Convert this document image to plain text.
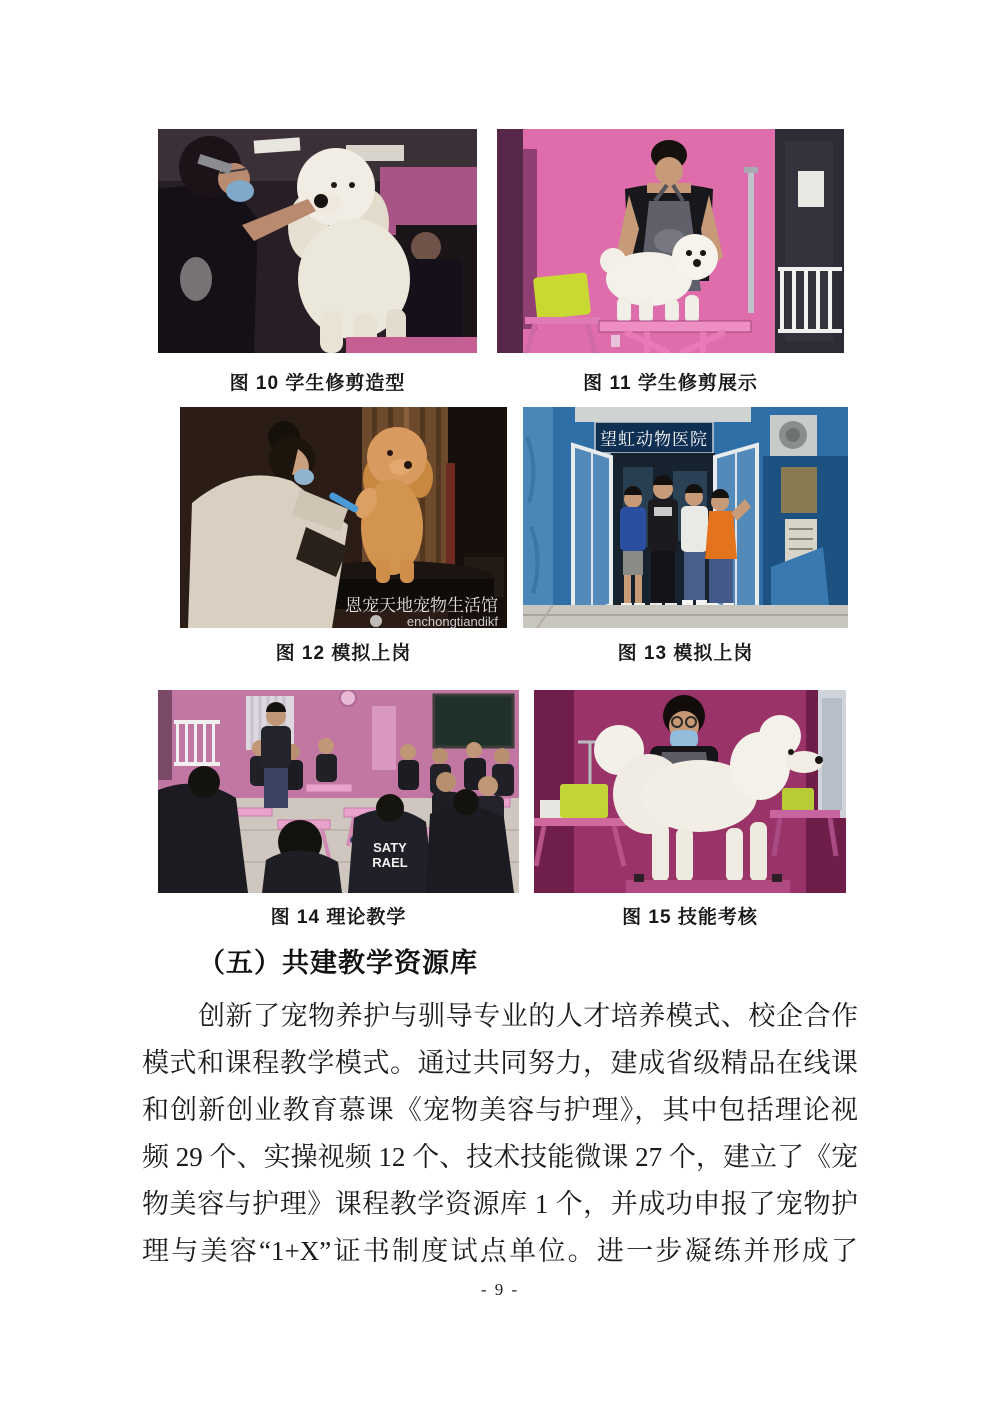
图 10 学生修剪造型	图 11 学生修剪展示
恩宠天地宠物生活馆
enchongtiandikf
望虹动物医院
图 12 模拟上岗	图 13 模拟上岗
SATY
RAEL
图 14 理论教学	图 15 技能考核
（五）共建教学资源库
创新了宠物养护与驯导专业的人才培养模式、校企合作
模式和课程教学模式。通过共同努力，建成省级精品在线课
和创新创业教育慕课《宠物美容与护理》，其中包括理论视
频 29 个、实操视频 12 个、技术技能微课 27 个，建立了《宠
物美容与护理》课程教学资源库 1 个，并成功申报了宠物护
理与美容“1+X”证书制度试点单位。进一步凝练并形成了
- 9 -
